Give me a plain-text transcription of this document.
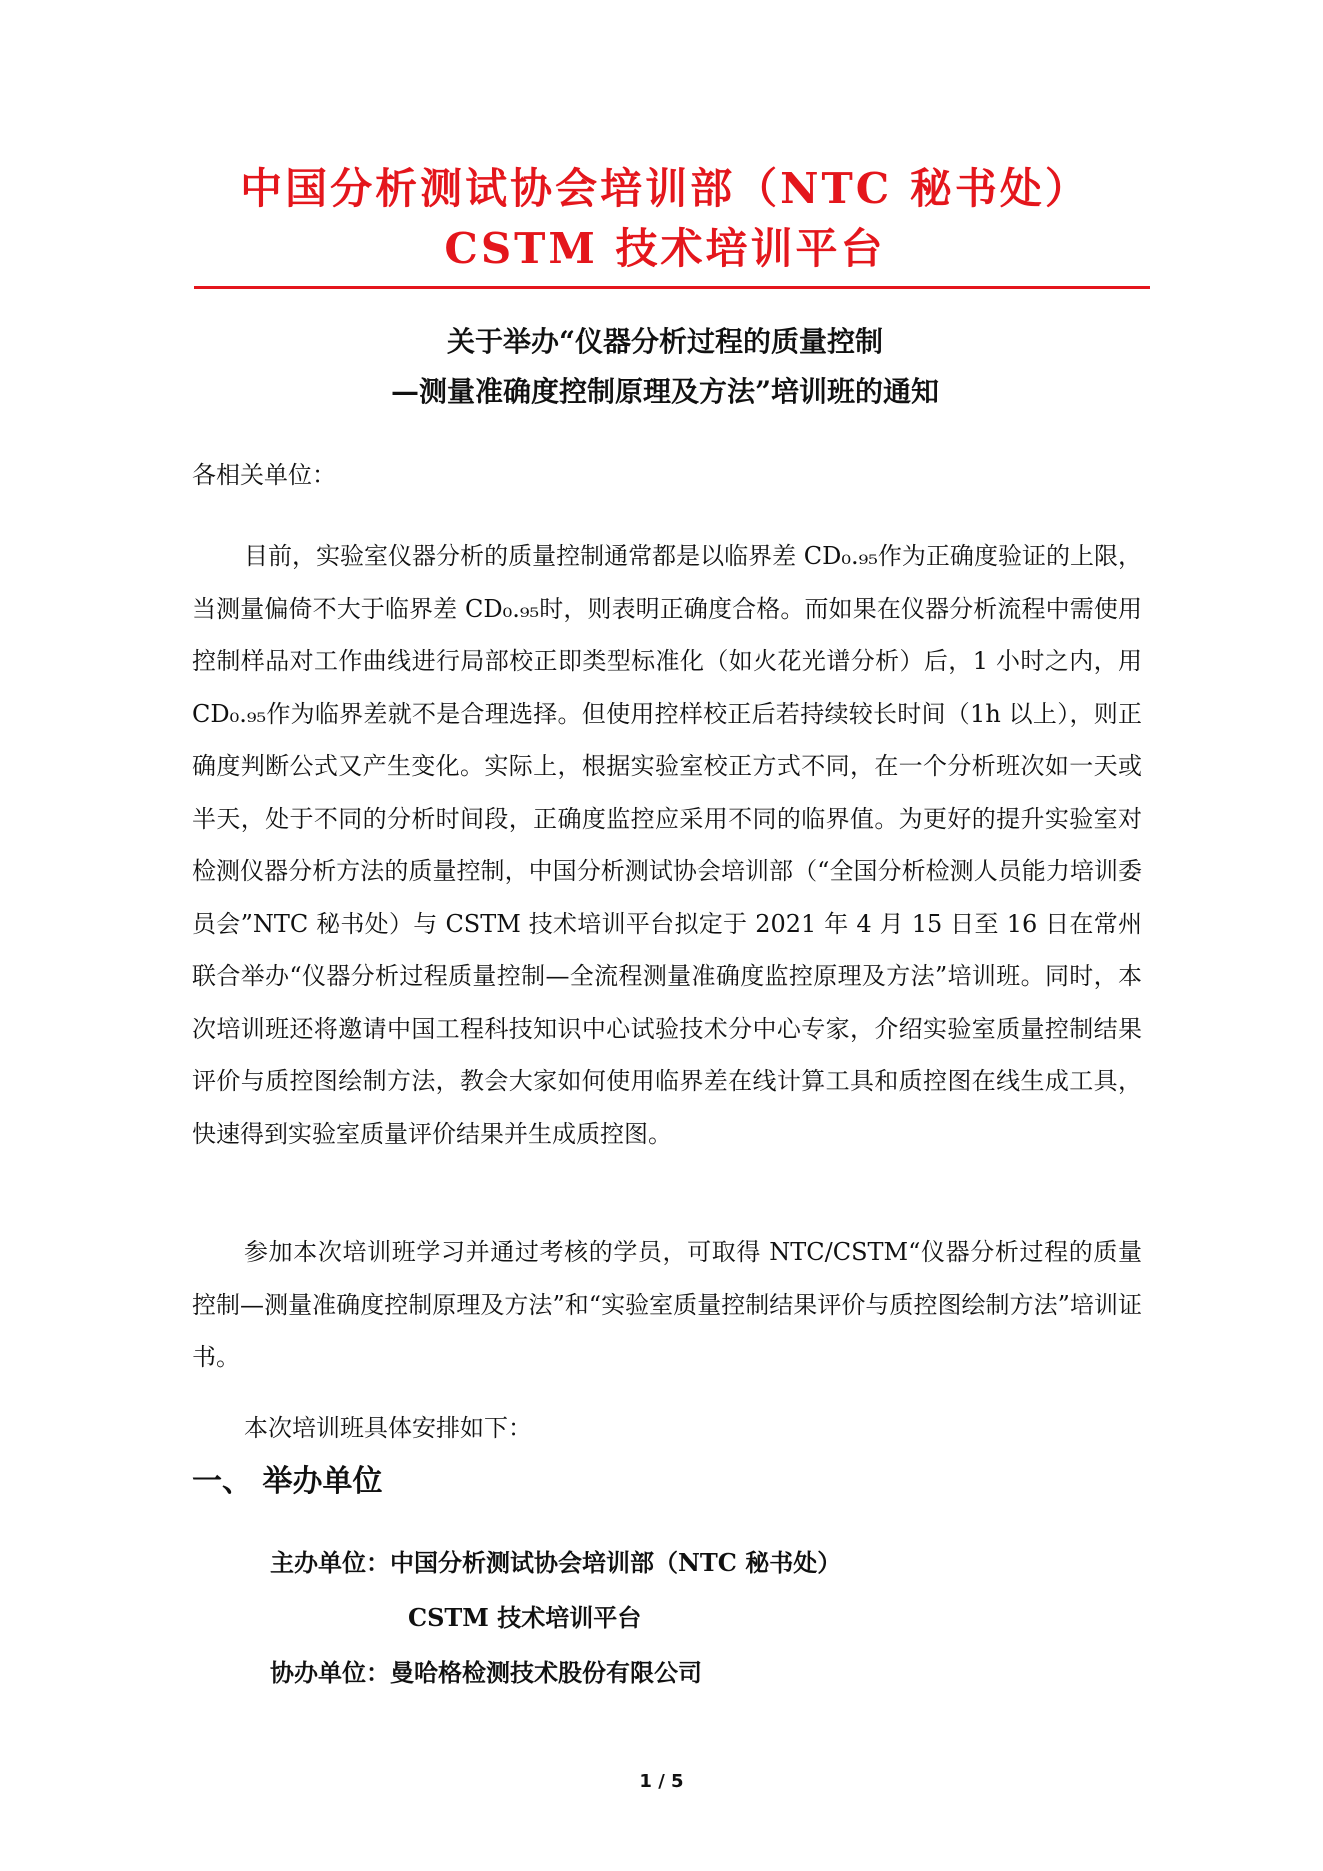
中国分析测试协会培训部（NTC 秘书处）
CSTM 技术培训平台
关于举办“仪器分析过程的质量控制
—测量准确度控制原理及方法”培训班的通知
各相关单位：

目前，实验室仪器分析的质量控制通常都是以临界差 CD₀.₉₅作为正确度验证的上限，当测量偏倚不大于临界差 CD₀.₉₅时，则表明正确度合格。而如果在仪器分析流程中需使用控制样品对工作曲线进行局部校正即类型标准化（如火花光谱分析）后，1 小时之内，用 CD₀.₉₅作为临界差就不是合理选择。但使用控样校正后若持续较长时间（1h 以上），则正确度判断公式又产生变化。实际上，根据实验室校正方式不同，在一个分析班次如一天或半天，处于不同的分析时间段，正确度监控应采用不同的临界值。为更好的提升实验室对检测仪器分析方法的质量控制，中国分析测试协会培训部（“全国分析检测人员能力培训委员会”NTC 秘书处）与 CSTM 技术培训平台拟定于 2021 年 4 月 15 日至 16 日在常州联合举办“仪器分析过程质量控制—全流程测量准确度监控原理及方法”培训班。同时，本次培训班还将邀请中国工程科技知识中心试验技术分中心专家，介绍实验室质量控制结果评价与质控图绘制方法，教会大家如何使用临界差在线计算工具和质控图在线生成工具，快速得到实验室质量评价结果并生成质控图。

参加本次培训班学习并通过考核的学员，可取得 NTC/CSTM“仪器分析过程的质量控制—测量准确度控制原理及方法”和“实验室质量控制结果评价与质控图绘制方法”培训证书。

本次培训班具体安排如下：

一、 举办单位
主办单位：中国分析测试协会培训部（NTC 秘书处）
CSTM 技术培训平台
协办单位：曼哈格检测技术股份有限公司
1 / 5
